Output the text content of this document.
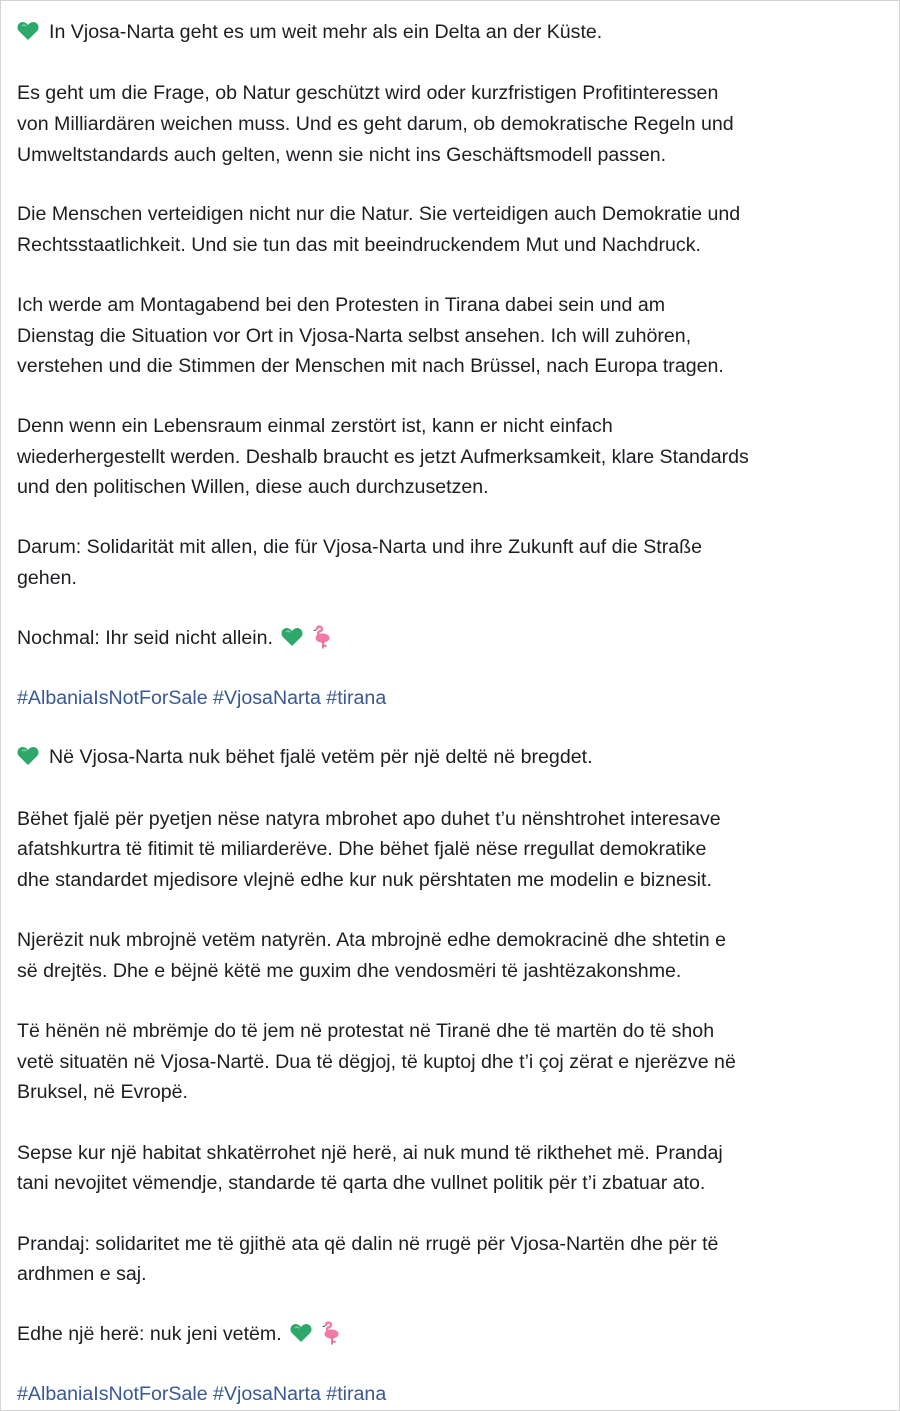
In Vjosa-Narta geht es um weit mehr als ein Delta an der Küste.
Es geht um die Frage, ob Natur geschützt wird oder kurzfristigen Profitinteressen
von Milliardären weichen muss. Und es geht darum, ob demokratische Regeln und
Umweltstandards auch gelten, wenn sie nicht ins Geschäftsmodell passen.
Die Menschen verteidigen nicht nur die Natur. Sie verteidigen auch Demokratie und
Rechtsstaatlichkeit. Und sie tun das mit beeindruckendem Mut und Nachdruck.
Ich werde am Montagabend bei den Protesten in Tirana dabei sein und am
Dienstag die Situation vor Ort in Vjosa-Narta selbst ansehen. Ich will zuhören,
verstehen und die Stimmen der Menschen mit nach Brüssel, nach Europa tragen.
Denn wenn ein Lebensraum einmal zerstört ist, kann er nicht einfach
wiederhergestellt werden. Deshalb braucht es jetzt Aufmerksamkeit, klare Standards
und den politischen Willen, diese auch durchzusetzen.
Darum: Solidarität mit allen, die für Vjosa-Narta und ihre Zukunft auf die Straße
gehen.
Nochmal: Ihr seid nicht allein.
#AlbaniaIsNotForSale #VjosaNarta #tirana
Në Vjosa-Narta nuk bëhet fjalë vetëm për një deltë në bregdet.
Bëhet fjalë për pyetjen nëse natyra mbrohet apo duhet t’u nënshtrohet interesave
afatshkurtra të fitimit të miliarderëve. Dhe bëhet fjalë nëse rregullat demokratike
dhe standardet mjedisore vlejnë edhe kur nuk përshtaten me modelin e biznesit.
Njerëzit nuk mbrojnë vetëm natyrën. Ata mbrojnë edhe demokracinë dhe shtetin e
së drejtës. Dhe e bëjnë këtë me guxim dhe vendosmëri të jashtëzakonshme.
Të hënën në mbrëmje do të jem në protestat në Tiranë dhe të martën do të shoh
vetë situatën në Vjosa-Nartë. Dua të dëgjoj, të kuptoj dhe t’i çoj zërat e njerëzve në
Bruksel, në Evropë.
Sepse kur një habitat shkatërrohet një herë, ai nuk mund të rikthehet më. Prandaj
tani nevojitet vëmendje, standarde të qarta dhe vullnet politik për t’i zbatuar ato.
Prandaj: solidaritet me të gjithë ata që dalin në rrugë për Vjosa-Nartën dhe për të
ardhmen e saj.
Edhe një herë: nuk jeni vetëm.
#AlbaniaIsNotForSale #VjosaNarta #tirana
